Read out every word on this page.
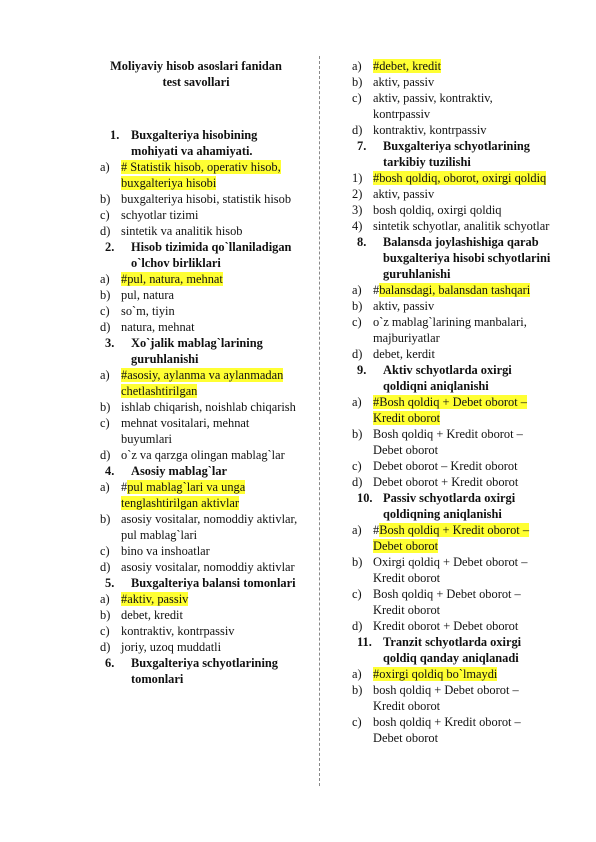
Moliyaviy hisob asoslari fanidan
test savollari
1. Buxgalteriya hisobining mohiyati va ahamiyati.
a) # Statistik hisob, operativ hisob, buxgalteriya hisobi
b) buxgalteriya hisobi, statistik hisob
c) schyotlar tizimi
d) sintetik va analitik hisob
2.	Hisob tizimida qo`llaniladigan o`lchov birliklari
a) #pul, natura, mehnat
b) pul, natura
c) so`m, tiyin
d) natura, mehnat
3.	Xo`jalik mablag`larining guruhlanishi
a) #asosiy, aylanma va aylanmadan chetlashtirilgan
b) ishlab chiqarish, noishlab chiqarish
c) mehnat vositalari, mehnat buyumlari
d) o`z va qarzga olingan mablag`lar
4.	Asosiy mablag`lar
a) #pul mablag`lari va unga tenglashtirilgan aktivlar
b) asosiy vositalar, nomoddiy aktivlar, pul mablag`lari
c) bino va inshoatlar
d) asosiy vositalar, nomoddiy aktivlar
5.	Buxgalteriya balansi tomonlari
a) #aktiv, passiv
b) debet, kredit
c) kontraktiv, kontrpassiv
d) joriy, uzoq muddatli
6.	Buxgalteriya schyotlarining tomonlari
a) #debet, kredit
b) aktiv, passiv
c) aktiv, passiv, kontraktiv, kontrpassiv
d) kontraktiv, kontrpassiv
7.	Buxgalteriya schyotlarining tarkibiy tuzilishi
1) #bosh qoldiq, oborot, oxirgi qoldiq
2) aktiv, passiv
3) bosh qoldiq, oxirgi qoldiq
4) sintetik schyotlar, analitik schyotlar
8.	Balansda joylashishiga qarab buxgalteriya hisobi schyotlarini guruhlanishi
a) #balansdagi, balansdan tashqari
b) aktiv, passiv
c) o`z mablag`larining manbalari, majburiyatlar
d) debet, kerdit
9.	Aktiv schyotlarda oxirgi qoldiqni aniqlanishi
a) #Bosh qoldiq + Debet oborot – Kredit oborot
b) Bosh qoldiq + Kredit oborot – Debet oborot
c) Debet oborot – Kredit oborot
d) Debet oborot + Kredit oborot
10. Passiv schyotlarda oxirgi qoldiqning aniqlanishi
a) #Bosh qoldiq + Kredit oborot – Debet oborot
b) Oxirgi qoldiq + Debet oborot – Kredit oborot
c) Bosh qoldiq + Debet oborot – Kredit oborot
d) Kredit oborot + Debet oborot
11. Tranzit schyotlarda oxirgi qoldiq qanday aniqlanadi
a) #oxirgi qoldiq bo`lmaydi
b) bosh qoldiq + Debet oborot – Kredit oborot
c) bosh qoldiq + Kredit oborot – Debet oborot
